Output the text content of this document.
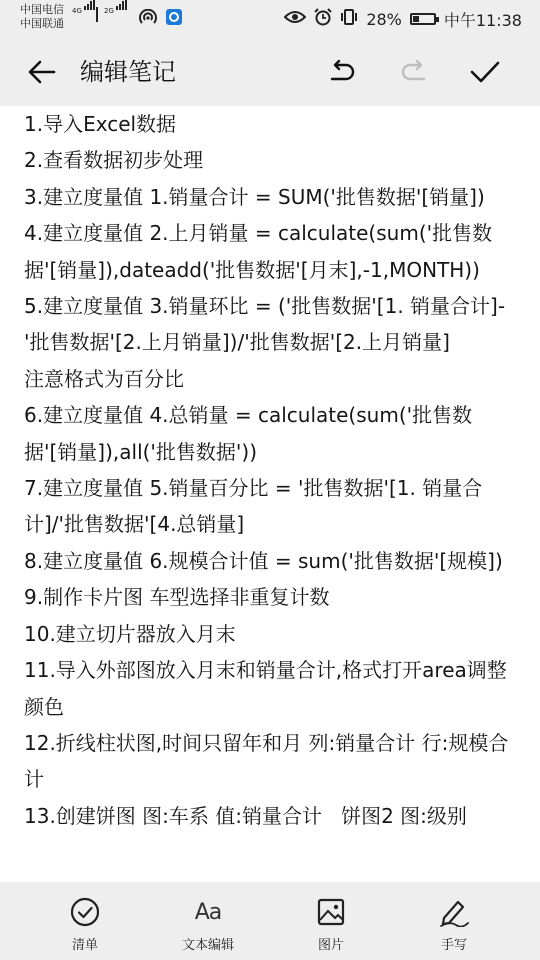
中国电信
中国联通
4G	2G	28%	中午11:38
编辑笔记

1.导入Excel数据

2.查看数据初步处理

3.建立度量值 1.销量合计 = SUM('批售数据'[销量])

4.建立度量值 2.上月销量 = calculate(sum('批售数据'[销量]),dateadd('批售数据'[月末],-1,MONTH))

5.建立度量值 3.销量环比 = ('批售数据'[1. 销量合计]-'批售数据'[2.上月销量])/'批售数据'[2.上月销量]

注意格式为百分比

6.建立度量值 4.总销量 = calculate(sum('批售数据'[销量]),all('批售数据'))

7.建立度量值 5.销量百分比 = '批售数据'[1. 销量合计]/'批售数据'[4.总销量]

8.建立度量值 6.规模合计值 = sum('批售数据'[规模])

9.制作卡片图 车型选择非重复计数

10.建立切片器放入月末

11.导入外部图放入月末和销量合计,格式打开area调整颜色

12.折线柱状图,时间只留年和月 列:销量合计 行:规模合计

13.创建饼图 图:车系 值:销量合计   饼图2 图:级别

清单
Aa
文本编辑	图片	手写
